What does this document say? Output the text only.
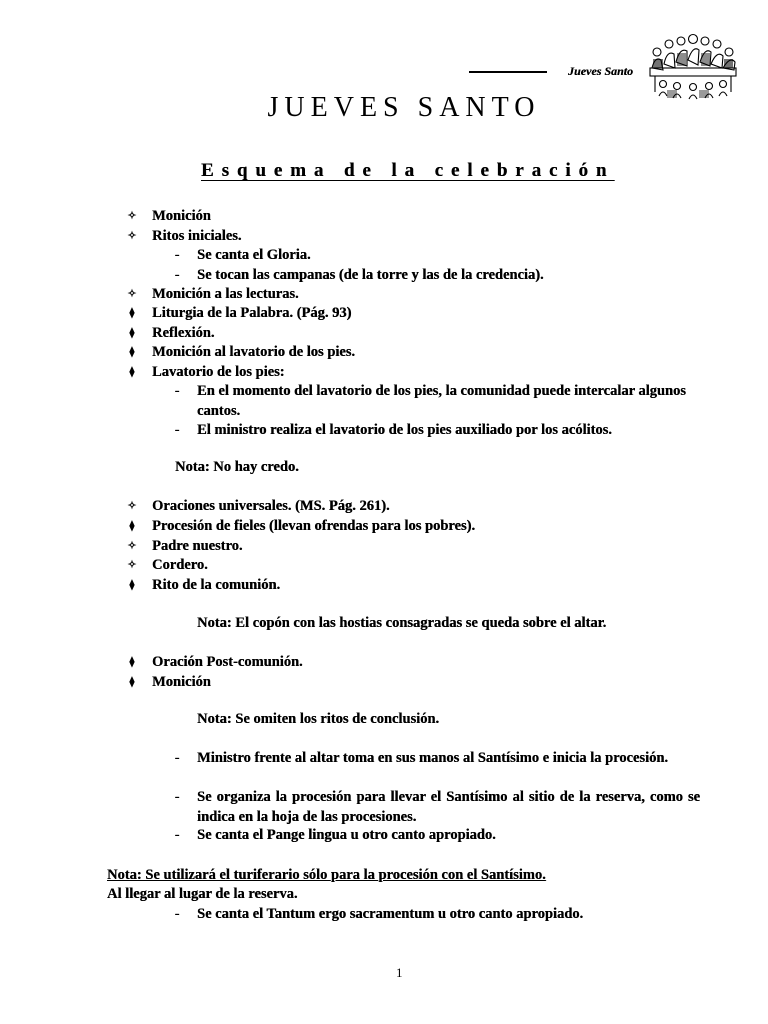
Jueves Santo
JUEVES SANTO
Esquema de la celebración
✧ Monición
✧ Ritos iniciales.
- Se canta el Gloria.
- Se tocan las campanas (de la torre y las de la credencia).
✧ Monición a las lecturas.
⧫ Liturgia de la Palabra. (Pág. 93)
⧫ Reflexión.
⧫ Monición al lavatorio de los pies.
⧫ Lavatorio de los pies:
- En el momento del lavatorio de los pies, la comunidad puede intercalar algunos cantos.
- El ministro realiza el lavatorio de los pies auxiliado por los acólitos.
Nota: No hay credo.
✧ Oraciones universales. (MS. Pág. 261).
⧫ Procesión de fieles (llevan ofrendas para los pobres).
✧ Padre nuestro.
✧ Cordero.
⧫ Rito de la comunión.
Nota: El copón con las hostias consagradas se queda sobre el altar.
⧫ Oración Post-comunión.
⧫ Monición
Nota: Se omiten los ritos de conclusión.
- Ministro frente al altar toma en sus manos al Santísimo e inicia la procesión.
- Se organiza la procesión para llevar el Santísimo al sitio de la reserva, como se indica en la hoja de las procesiones.
- Se canta el Pange lingua u otro canto apropiado.
Nota: Se utilizará el turiferario sólo para la procesión con el Santísimo.
Al llegar al lugar de la reserva.
- Se canta el Tantum ergo sacramentum u otro canto apropiado.
1
